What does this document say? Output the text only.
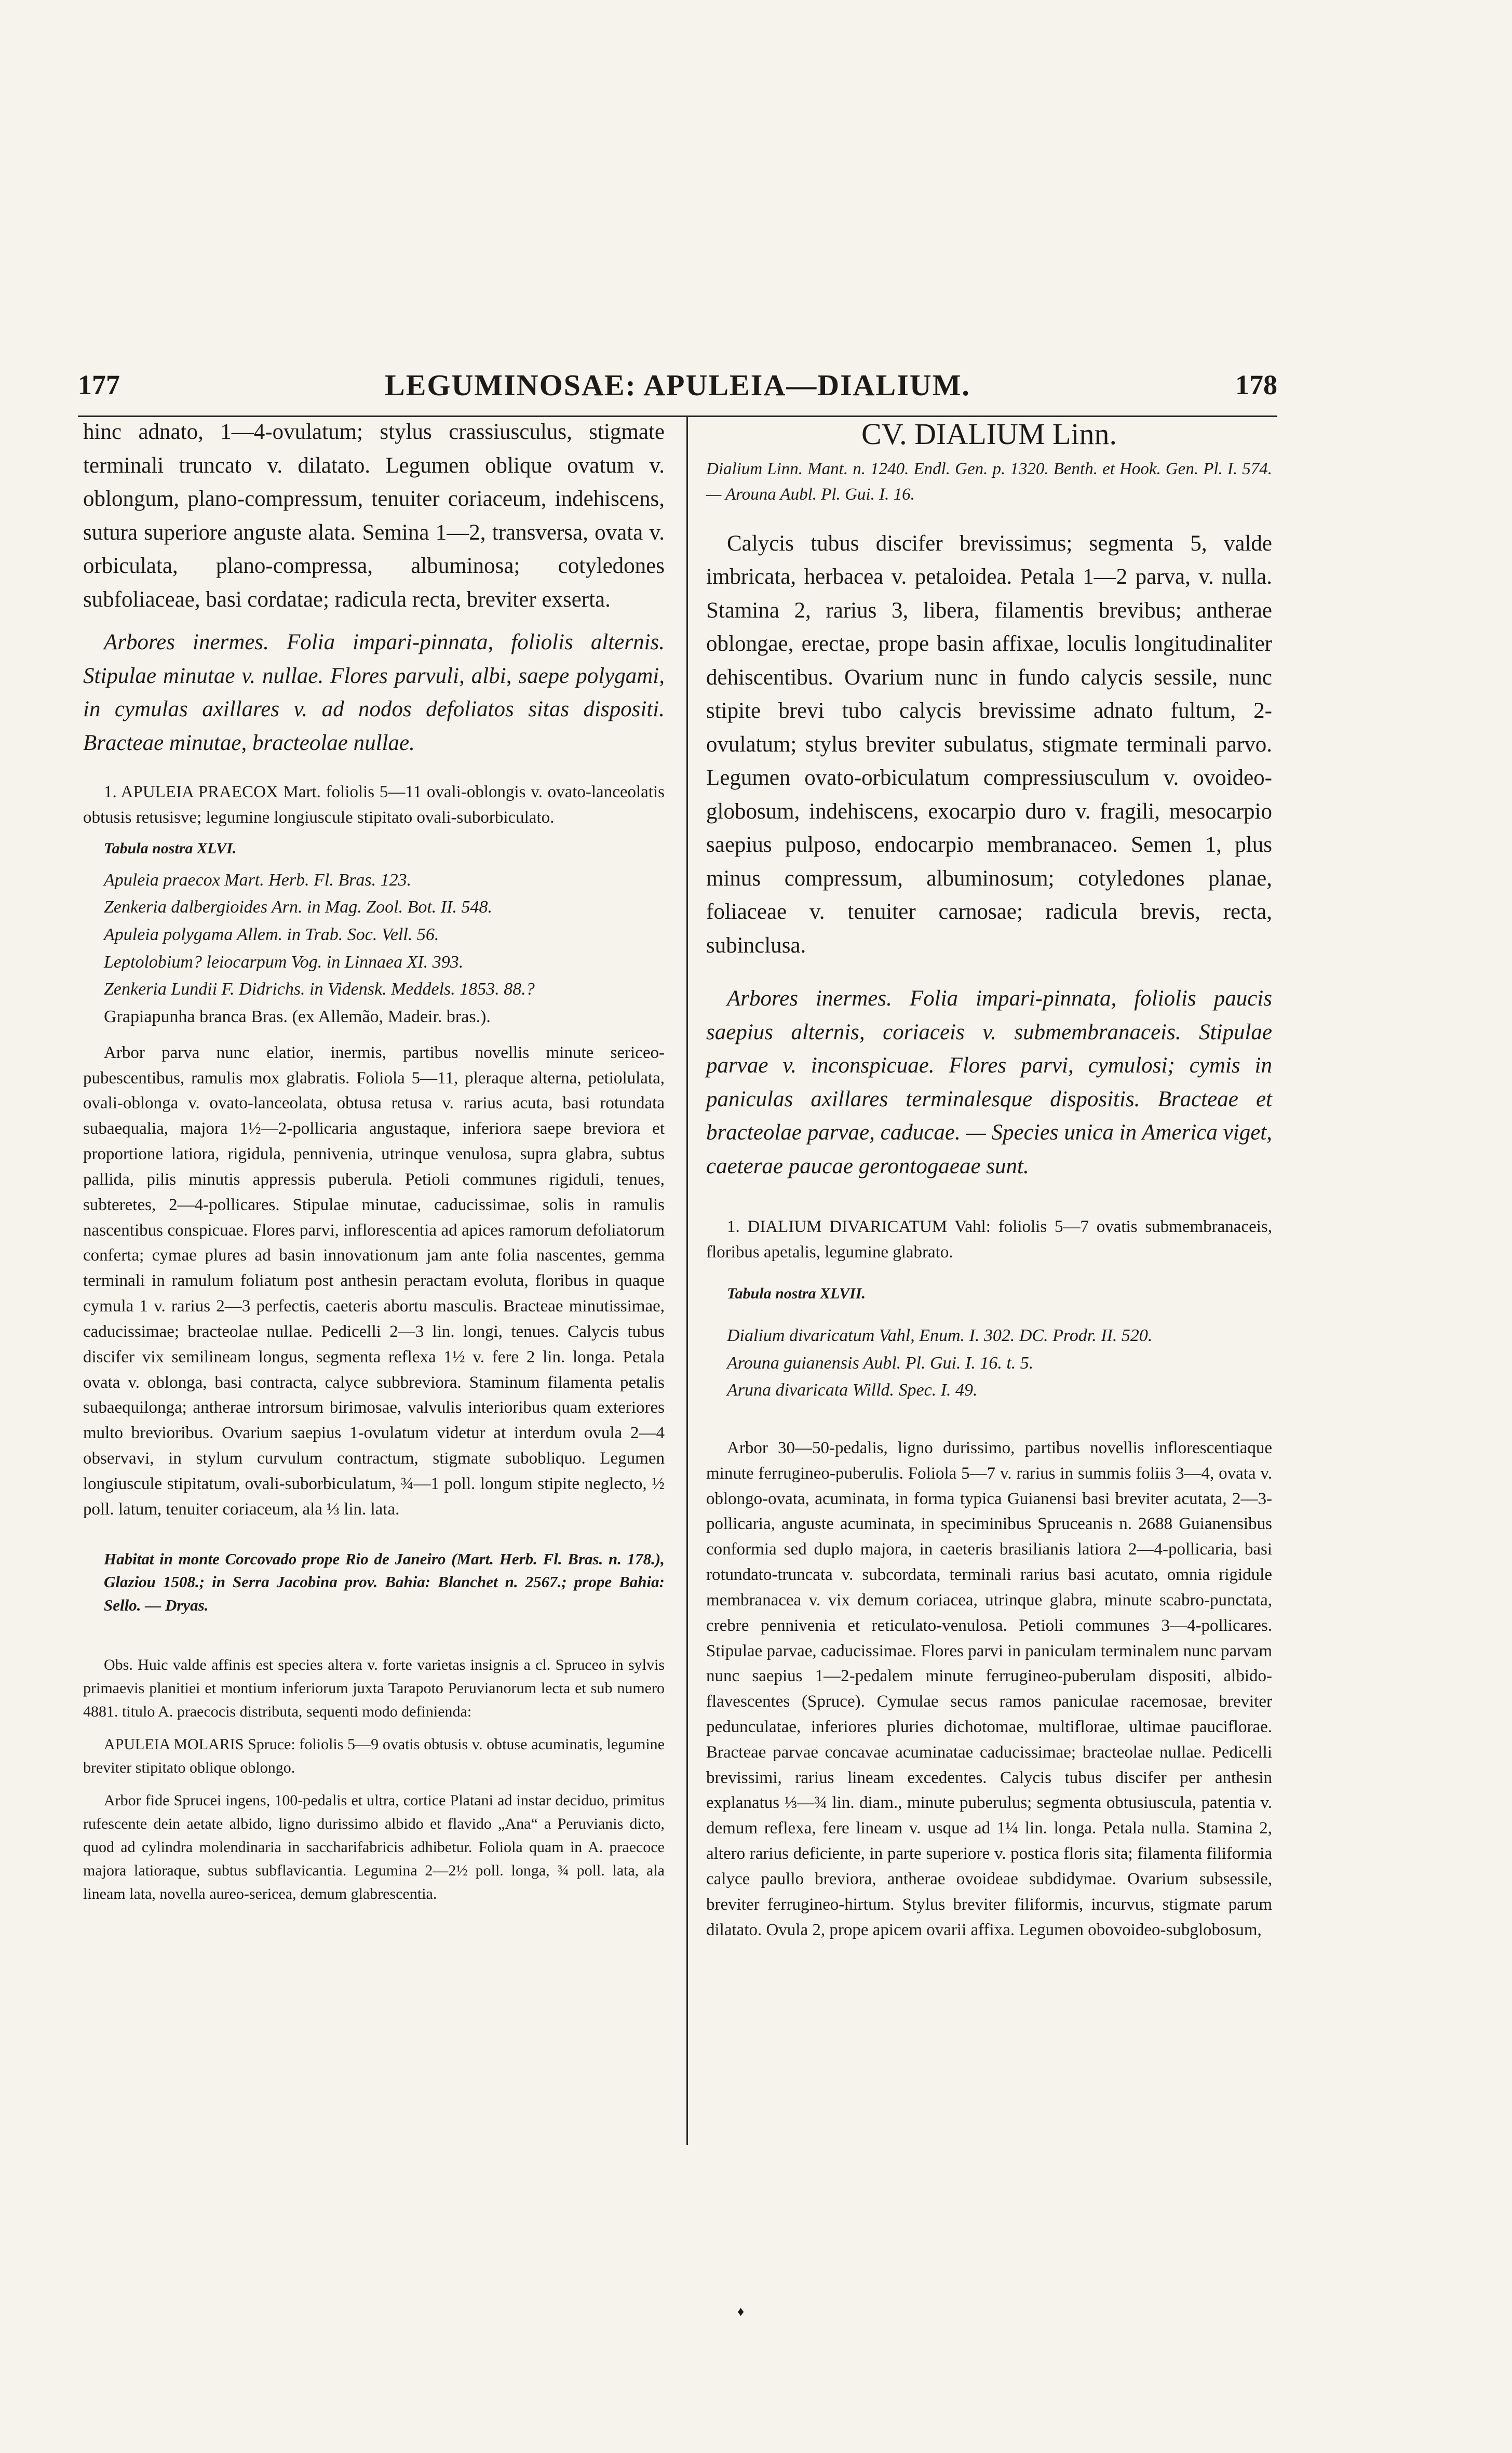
177	LEGUMINOSAE: APULEIA—DIALIUM.	178

hinc adnato, 1—4-ovulatum; stylus crassiusculus, stigmate terminali truncato v. dilatato. Legumen oblique ovatum v. oblongum, plano-compressum, tenuiter coriaceum, indehiscens, sutura superiore anguste alata. Semina 1—2, transversa, ovata v. orbiculata, plano-compressa, albuminosa; cotyledones subfoliaceae, basi cordatae; radicula recta, breviter exserta.

Arbores inermes. Folia impari-pinnata, foliolis alternis. Stipulae minutae v. nullae. Flores parvuli, albi, saepe polygami, in cymulas axillares v. ad nodos defoliatos sitas dispositi. Bracteae minutae, bracteolae nullae.

1. APULEIA PRAECOX Mart. foliolis 5—11 ovali-oblongis v. ovato-lanceolatis obtusis retusisve; legumine longiuscule stipitato ovali-suborbiculato.

Tabula nostra XLVI.
Apuleia praecox Mart. Herb. Fl. Bras. 123.
Zenkeria dalbergioides Arn. in Mag. Zool. Bot. II. 548.
Apuleia polygama Allem. in Trab. Soc. Vell. 56.
Leptolobium? leiocarpum Vog. in Linnaea XI. 393.
Zenkeria Lundii F. Didrichs. in Vidensk. Meddels. 1853. 88.?
Grapiapunha branca Bras. (ex Allemão, Madeir. bras.).

Arbor parva nunc elatior, inermis, partibus novellis minute sericeo-pubescentibus, ramulis mox glabratis. Foliola 5—11, pleraque alterna, petiolulata, ovali-oblonga v. ovato-lanceolata, obtusa retusa v. rarius acuta, basi rotundata subaequalia, majora 1½—2-pollicaria angustaque, inferiora saepe breviora et proportione latiora, rigidula, pennivenia, utrinque venulosa, supra glabra, subtus pallida, pilis minutis appressis puberula. Petioli communes rigiduli, tenues, subteretes, 2—4-pollicares. Stipulae minutae, caducissimae, solis in ramulis nascentibus conspicuae. Flores parvi, inflorescentia ad apices ramorum defoliatorum conferta; cymae plures ad basin innovationum jam ante folia nascentes, gemma terminali in ramulum foliatum post anthesin peractam evoluta, floribus in quaque cymula 1 v. rarius 2—3 perfectis, caeteris abortu masculis. Bracteae minutissimae, caducissimae; bracteolae nullae. Pedicelli 2—3 lin. longi, tenues. Calycis tubus discifer vix semilineam longus, segmenta reflexa 1½ v. fere 2 lin. longa. Petala ovata v. oblonga, basi contracta, calyce subbreviora. Staminum filamenta petalis subaequilonga; antherae introrsum birimosae, valvulis interioribus quam exteriores multo brevioribus. Ovarium saepius 1-ovulatum videtur at interdum ovula 2—4 observavi, in stylum curvulum contractum, stigmate subobliquo. Legumen longiuscule stipitatum, ovali-suborbiculatum, ¾—1 poll. longum stipite neglecto, ½ poll. latum, tenuiter coriaceum, ala ⅓ lin. lata.

Habitat in monte Corcovado prope Rio de Janeiro (Mart. Herb. Fl. Bras. n. 178.), Glaziou 1508.; in Serra Jacobina prov. Bahia: Blanchet n. 2567.; prope Bahia: Sello. — Dryas.

Obs. Huic valde affinis est species altera v. forte varietas insignis a cl. Spruceo in sylvis primaevis planitiei et montium inferiorum juxta Tarapoto Peruvianorum lecta et sub numero 4881. titulo A. praecocis distributa, sequenti modo definienda:

APULEIA MOLARIS Spruce: foliolis 5—9 ovatis obtusis v. obtuse acuminatis, legumine breviter stipitato oblique oblongo.

Arbor fide Sprucei ingens, 100-pedalis et ultra, cortice Platani ad instar deciduo, primitus rufescente dein aetate albido, ligno durissimo albido et flavido „Ana“ a Peruvianis dicto, quod ad cylindra molendinaria in saccharifabricis adhibetur. Foliola quam in A. praecoce majora latioraque, subtus subflavicantia. Legumina 2—2½ poll. longa, ¾ poll. lata, ala lineam lata, novella aureo-sericea, demum glabrescentia.

CV. DIALIUM Linn.

Dialium Linn. Mant. n. 1240. Endl. Gen. p. 1320. Benth. et Hook. Gen. Pl. I. 574. — Arouna Aubl. Pl. Gui. I. 16.

Calycis tubus discifer brevissimus; segmenta 5, valde imbricata, herbacea v. petaloidea. Petala 1—2 parva, v. nulla. Stamina 2, rarius 3, libera, filamentis brevibus; antherae oblongae, erectae, prope basin affixae, loculis longitudinaliter dehiscentibus. Ovarium nunc in fundo calycis sessile, nunc stipite brevi tubo calycis brevissime adnato fultum, 2-ovulatum; stylus breviter subulatus, stigmate terminali parvo. Legumen ovato-orbiculatum compressiusculum v. ovoideo-globosum, indehiscens, exocarpio duro v. fragili, mesocarpio saepius pulposo, endocarpio membranaceo. Semen 1, plus minus compressum, albuminosum; cotyledones planae, foliaceae v. tenuiter carnosae; radicula brevis, recta, subinclusa.

Arbores inermes. Folia impari-pinnata, foliolis paucis saepius alternis, coriaceis v. submembranaceis. Stipulae parvae v. inconspicuae. Flores parvi, cymulosi; cymis in paniculas axillares terminalesque dispositis. Bracteae et bracteolae parvae, caducae. — Species unica in America viget, caeterae paucae gerontogaeae sunt.

1. DIALIUM DIVARICATUM Vahl: foliolis 5—7 ovatis submembranaceis, floribus apetalis, legumine glabrato.

Tabula nostra XLVII.
Dialium divaricatum Vahl, Enum. I. 302. DC. Prodr. II. 520.
Arouna guianensis Aubl. Pl. Gui. I. 16. t. 5.
Aruna divaricata Willd. Spec. I. 49.

Arbor 30—50-pedalis, ligno durissimo, partibus novellis inflorescentiaque minute ferrugineo-puberulis. Foliola 5—7 v. rarius in summis foliis 3—4, ovata v. oblongo-ovata, acuminata, in forma typica Guianensi basi breviter acutata, 2—3-pollicaria, anguste acuminata, in speciminibus Spruceanis n. 2688 Guianensibus conformia sed duplo majora, in caeteris brasilianis latiora 2—4-pollicaria, basi rotundato-truncata v. subcordata, terminali rarius basi acutato, omnia rigidule membranacea v. vix demum coriacea, utrinque glabra, minute scabro-punctata, crebre pennivenia et reticulato-venulosa. Petioli communes 3—4-pollicares. Stipulae parvae, caducissimae. Flores parvi in paniculam terminalem nunc parvam nunc saepius 1—2-pedalem minute ferrugineo-puberulam dispositi, albido-flavescentes (Spruce). Cymulae secus ramos paniculae racemosae, breviter pedunculatae, inferiores pluries dichotomae, multiflorae, ultimae pauciflorae. Bracteae parvae concavae acuminatae caducissimae; bracteolae nullae. Pedicelli brevissimi, rarius lineam excedentes. Calycis tubus discifer per anthesin explanatus ⅓—¾ lin. diam., minute puberulus; segmenta obtusiuscula, patentia v. demum reflexa, fere lineam v. usque ad 1¼ lin. longa. Petala nulla. Stamina 2, altero rarius deficiente, in parte superiore v. postica floris sita; filamenta filiformia calyce paullo breviora, antherae ovoideae subdidymae. Ovarium subsessile, breviter ferrugineo-hirtum. Stylus breviter filiformis, incurvus, stigmate parum dilatato. Ovula 2, prope apicem ovarii affixa. Legumen obovoideo-subglobosum,

♦
